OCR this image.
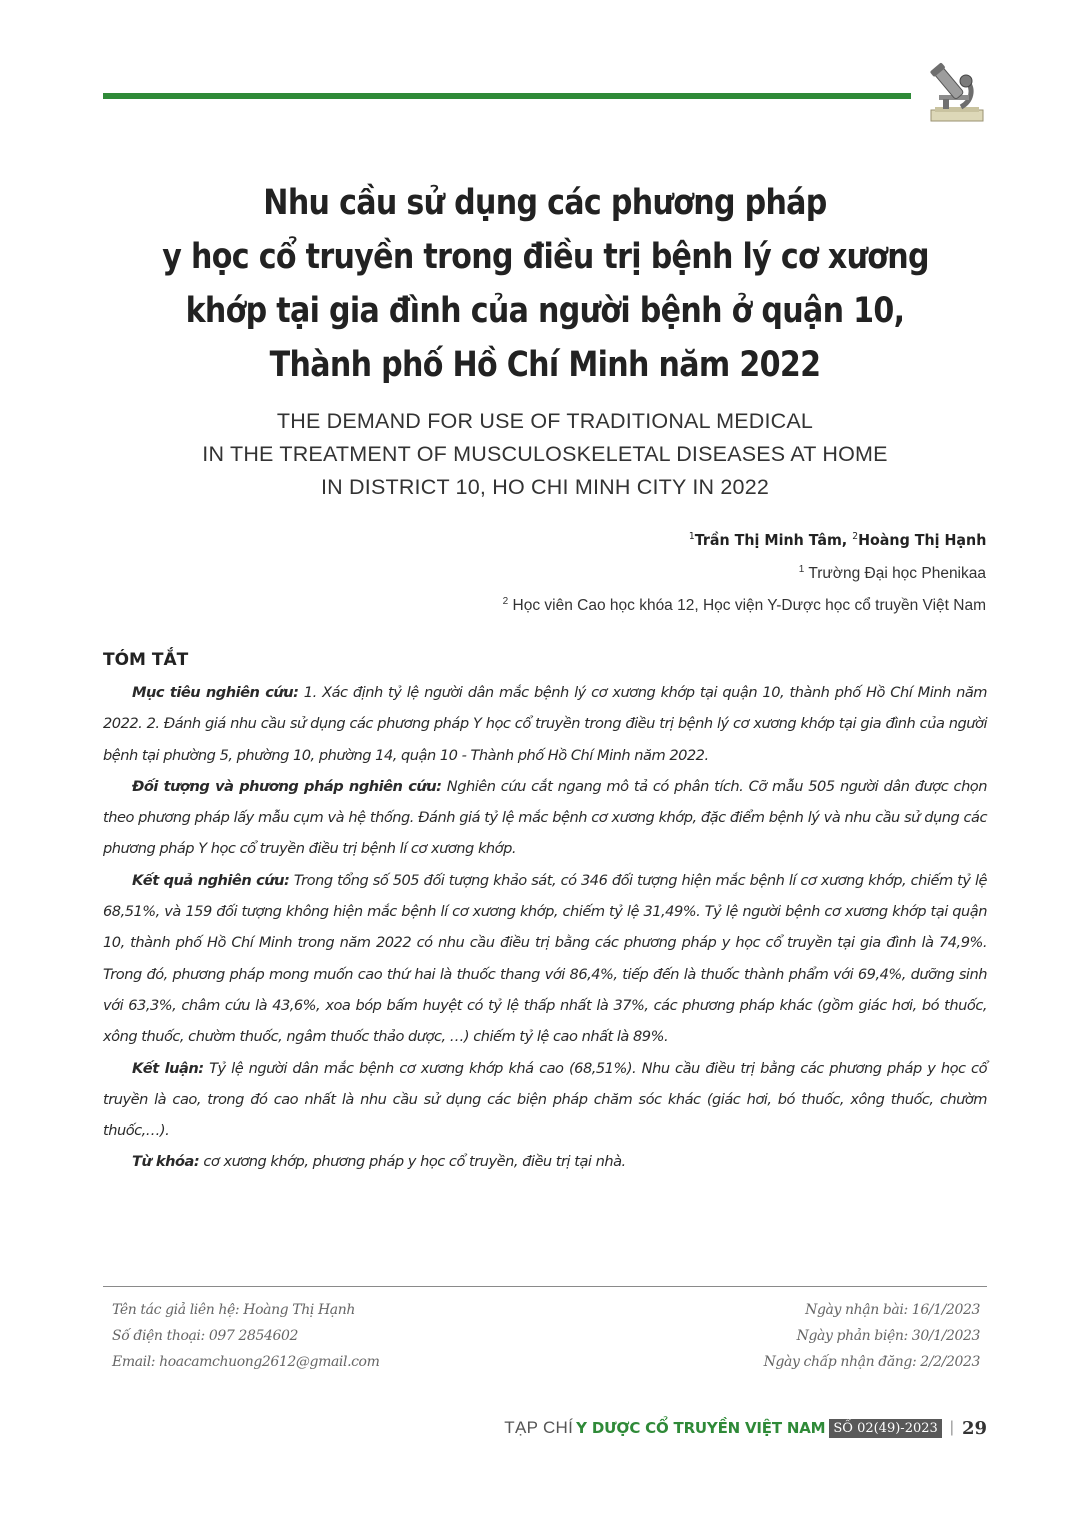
Nhu cầu sử dụng các phương pháp
y học cổ truyền trong điều trị bệnh lý cơ xương
khớp tại gia đình của người bệnh ở quận 10,
Thành phố Hồ Chí Minh năm 2022
THE DEMAND FOR USE OF TRADITIONAL MEDICAL
IN THE TREATMENT OF MUSCULOSKELETAL DISEASES AT HOME
IN DISTRICT 10, HO CHI MINH CITY IN 2022
$^1$Trần Thị Minh Tâm, $^2$Hoàng Thị Hạnh
$^1$ Trường Đại học Phenikaa
$^2$ Học viên Cao học khóa 12, Học viện Y-Dược học cổ truyền Việt Nam
TÓM TẮT

Mục tiêu nghiên cứu: 1. Xác định tỷ lệ người dân mắc bệnh lý cơ xương khớp tại quận 10, thành phố Hồ Chí Minh năm 2022. 2. Đánh giá nhu cầu sử dụng các phương pháp Y học cổ truyền trong điều trị bệnh lý cơ xương khớp tại gia đình của người bệnh tại phường 5, phường 10, phường 14, quận 10 - Thành phố Hồ Chí Minh năm 2022.

Đối tượng và phương pháp nghiên cứu: Nghiên cứu cắt ngang mô tả có phân tích. Cỡ mẫu 505 người dân được chọn theo phương pháp lấy mẫu cụm và hệ thống. Đánh giá tỷ lệ mắc bệnh cơ xương khớp, đặc điểm bệnh lý và nhu cầu sử dụng các phương pháp Y học cổ truyền điều trị bệnh lí cơ xương khớp.

Kết quả nghiên cứu: Trong tổng số 505 đối tượng khảo sát, có 346 đối tượng hiện mắc bệnh lí cơ xương khớp, chiếm tỷ lệ 68,51%, và 159 đối tượng không hiện mắc bệnh lí cơ xương khớp, chiếm tỷ lệ 31,49%. Tỷ lệ người bệnh cơ xương khớp tại quận 10, thành phố Hồ Chí Minh trong năm 2022 có nhu cầu điều trị bằng các phương pháp y học cổ truyền tại gia đình là 74,9%. Trong đó, phương pháp mong muốn cao thứ hai là thuốc thang với 86,4%, tiếp đến là thuốc thành phẩm với 69,4%, dưỡng sinh với 63,3%, châm cứu là 43,6%, xoa bóp bấm huyệt có tỷ lệ thấp nhất là 37%, các phương pháp khác (gồm giác hơi, bó thuốc, xông thuốc, chườm thuốc, ngâm thuốc thảo dược, …) chiếm tỷ lệ cao nhất là 89%.

Kết luận: Tỷ lệ người dân mắc bệnh cơ xương khớp khá cao (68,51%). Nhu cầu điều trị bằng các phương pháp y học cổ truyền là cao, trong đó cao nhất là nhu cầu sử dụng các biện pháp chăm sóc khác (giác hơi, bó thuốc, xông thuốc, chườm thuốc,…).

Từ khóa: cơ xương khớp, phương pháp y học cổ truyền, điều trị tại nhà.

Tên tác giả liên hệ: Hoàng Thị Hạnh
Số điện thoại: 097 2854602
Email: hoacamchuong2612@gmail.com
Ngày nhận bài: 16/1/2023
Ngày phản biện: 30/1/2023
Ngày chấp nhận đăng: 2/2/2023
TẠP CHÍ Y DƯỢC CỔ TRUYỀN VIỆT NAM SỐ 02(49)-2023 | 29
